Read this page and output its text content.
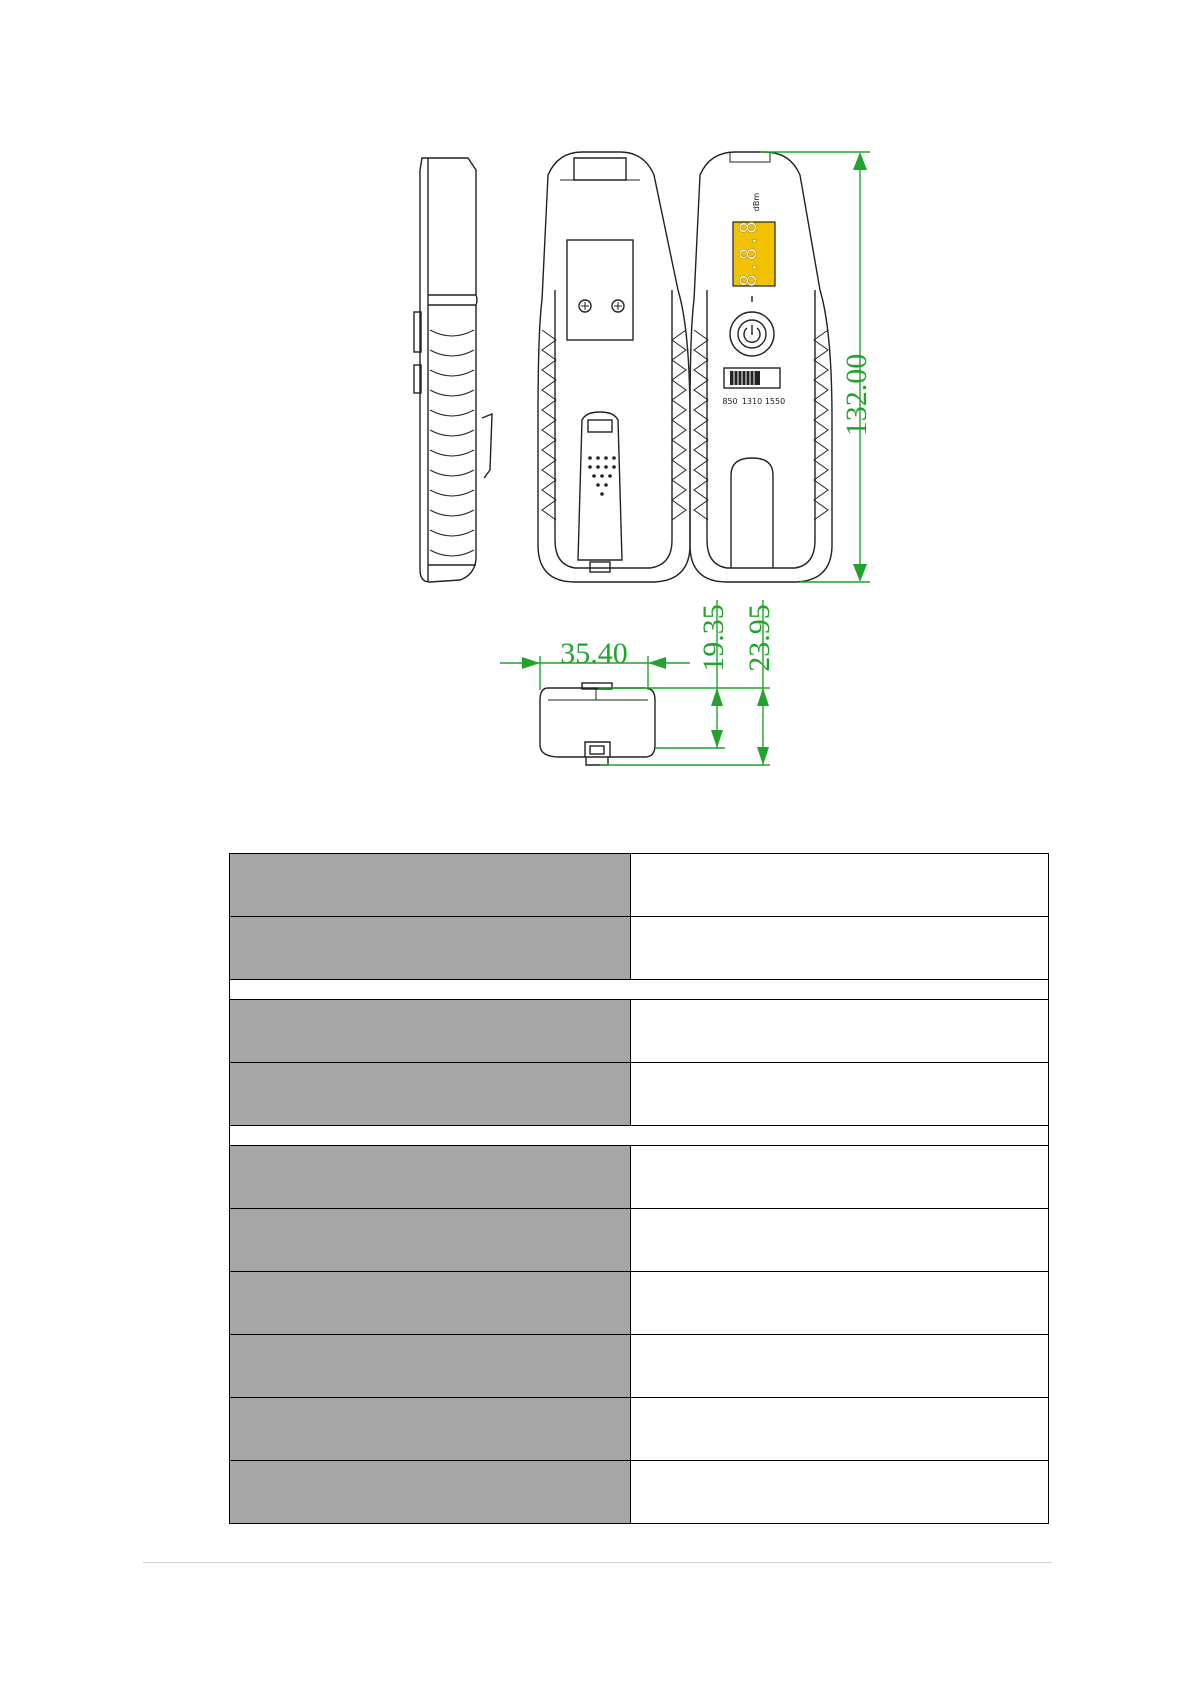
dBm
8.8.8
850 1310 1550 132.00
35.40 19.35 23.95
